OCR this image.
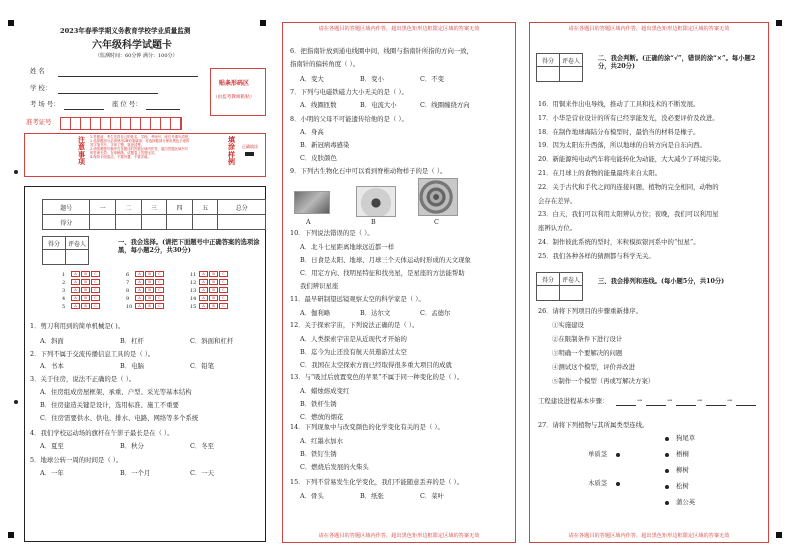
2023年春季学期义务教育学校学业质量监测
六年级科学试题卡
（监测时间：60分钟 满分：100分）
姓 名
学 校：
考 场 号：	座 位 号：
贴条形码区
（由监考教师粘贴）
准考证号
注意事项
1.答题前，考生先将自己的姓名、学校、考场号、座位号填写清楚。
2.选择题部分必须使用2B铅笔填涂；非选择题部分使用黑色字迹的
签字笔书写，字体工整、笔迹清楚。
3.请按照题号顺序在各题目的答题区域内作答，超出答题区域书写
的答案无效；在草稿纸、试题卷上答题无效。
4.保持卡面清洁，不要折叠、不要弄破。
填涂样例
正确填涂
题号	一	二	三	四	五	总分
得分						
得分	评卷人
		一、我会选择。(请把下面题号中正确答案的选项涂黑，每小题2分，共30分)
1	A B C
2	A B C
3	A B C
4	A B C
5	A B C
6	A B C
7	A B C
8	A B C
9	A B C
10 A B C
11 A B C
12 A B C
13 A B C
14 A B C
15 A B C
1．剪刀利用到的简单机械是( )。
A．斜面	B．杠杆	C．斜面和杠杆
2．下列不属于交流传播信息工具的是（ ）。
A．书本	B．电脑	C．铅笔
3．关于住房，说法不正确的是（ ）。
A．住房组成房屋框架、承重、户型、采光等基本结构
B．住房建造关键是设计，选用标准、施工不重要
C．住房需要供水、供电、排水、电路、网络等多个系统
4．我们学校运动场的旗杆在午影子最长是在（ ）。
A．夏至	B．秋分	C．冬至
5．地球公转一周的时间是（ ）。
A．一年	B．一个月	C．一天
请在各题目的答题区域内作答，超出黑色矩形边框限定区域的答案无效
请在各题目的答题区域内作答，超出黑色矩形边框限定区域的答案无效
6．把指南针放到通电线圈中间，线圈与指南针所指的方向一致，
指南针的偏转角度（ ）。
A．变大	B．变小	C．不变
7．下列与电磁铁磁力大小无关的是（ ）。
A．线圈匝数	B．电流大小	C．线圈缠绕方向
8．小明的父母不可能遗传给他的是（ ）。
A．身高
B．新冠病毒感染
C．皮肤颜色
9．下列古生物化石中可以看到脊椎动物样子的是（ ）。
10．下列说法错误的是（ ）。
A．北斗七星距离地球远近都一样
B．日食是太阳、地球、月球三个天体运动时形成的天文现象
C．用定方向、找明星特征和找亮星，是星座的方法能帮助
我们辨识星座
11．最早研制望远镜观察太空的科学家是（ ）。
A．伽利略	B．达尔文	C．孟德尔
12．关于探索宇宙，下列说法正确的是（ ）。
A．人类探索宇宙是从近现代才开始的
B．迄今为止还没有航天员遨游过太空
C．我国在太空探索方面已经取得很多重大项目的成就
13．与“吸过后放置变色的苹果”不属于同一种变化的是（ ）。
A．蜡烛熔成变红
B．铁杆生锈
C．燃放的烟花
14．下列现象中与改变颜色的化学变化有关的是（ ）。
A．红墨水加水
B．铁钉生锈
C．燃烧后发展的火柴头
15．下列不常易发生化学变化，我们不能随意丢弃的是（ ）。
A．骨头	B．纸张	C．菜叶
A	B	C
请在各题目的答题区域内作答，超出黑色矩形边框限定区域的答案无效
请在各题目的答题区域内作答，超出黑色矩形边框限定区域的答案无效
得分	评卷人
		二、我会判断。(正确的涂“√”，错误的涂“×”。每小题2分，共20分)
16．用铜来作出电导线，推动了工具和技术的不断发展。
17．小华是营业设计的所有已经享能发光，没必要评价及改进。
18．在制作地球海陆分布模型时，最恰当的材料是橡子。
19．因为太阳东升西落，所以地球的自转方向是自东向西。
20．新能源纯电动汽车将电能转化为动能，大大减少了环境污染。
21．在月球上的食物的能量最终来自太阳。
22．关于古代和手代之间的连接问题，植物的完全相同，动物的
会存在差异。
23．白天，我们可以利用太阳辨认方位；夜晚，我们可以利用星
座辨认方位。
24．制作彼此系统的型时，米粒模拟银河系中的“恒星”。
25．我们各种各样的猜测都与科学无关。
得分	评卷人
		三、我会排列和连线。(每小题5分，共10分)
26．请将下列项目的步骤重新排序。
①实施建设
②在限制条件下进行设计
③明确一个要解决的问题
④测试这个模型，评价并改进
⑤制作一个模型（再或写解决方案）
工程建设进程基本步骤：	→	→	→	→
27．请将下列植物与其所属类型连线。
单质茎
木质茎
狗尾草
梧桐
柳树
松树
蒲公英
